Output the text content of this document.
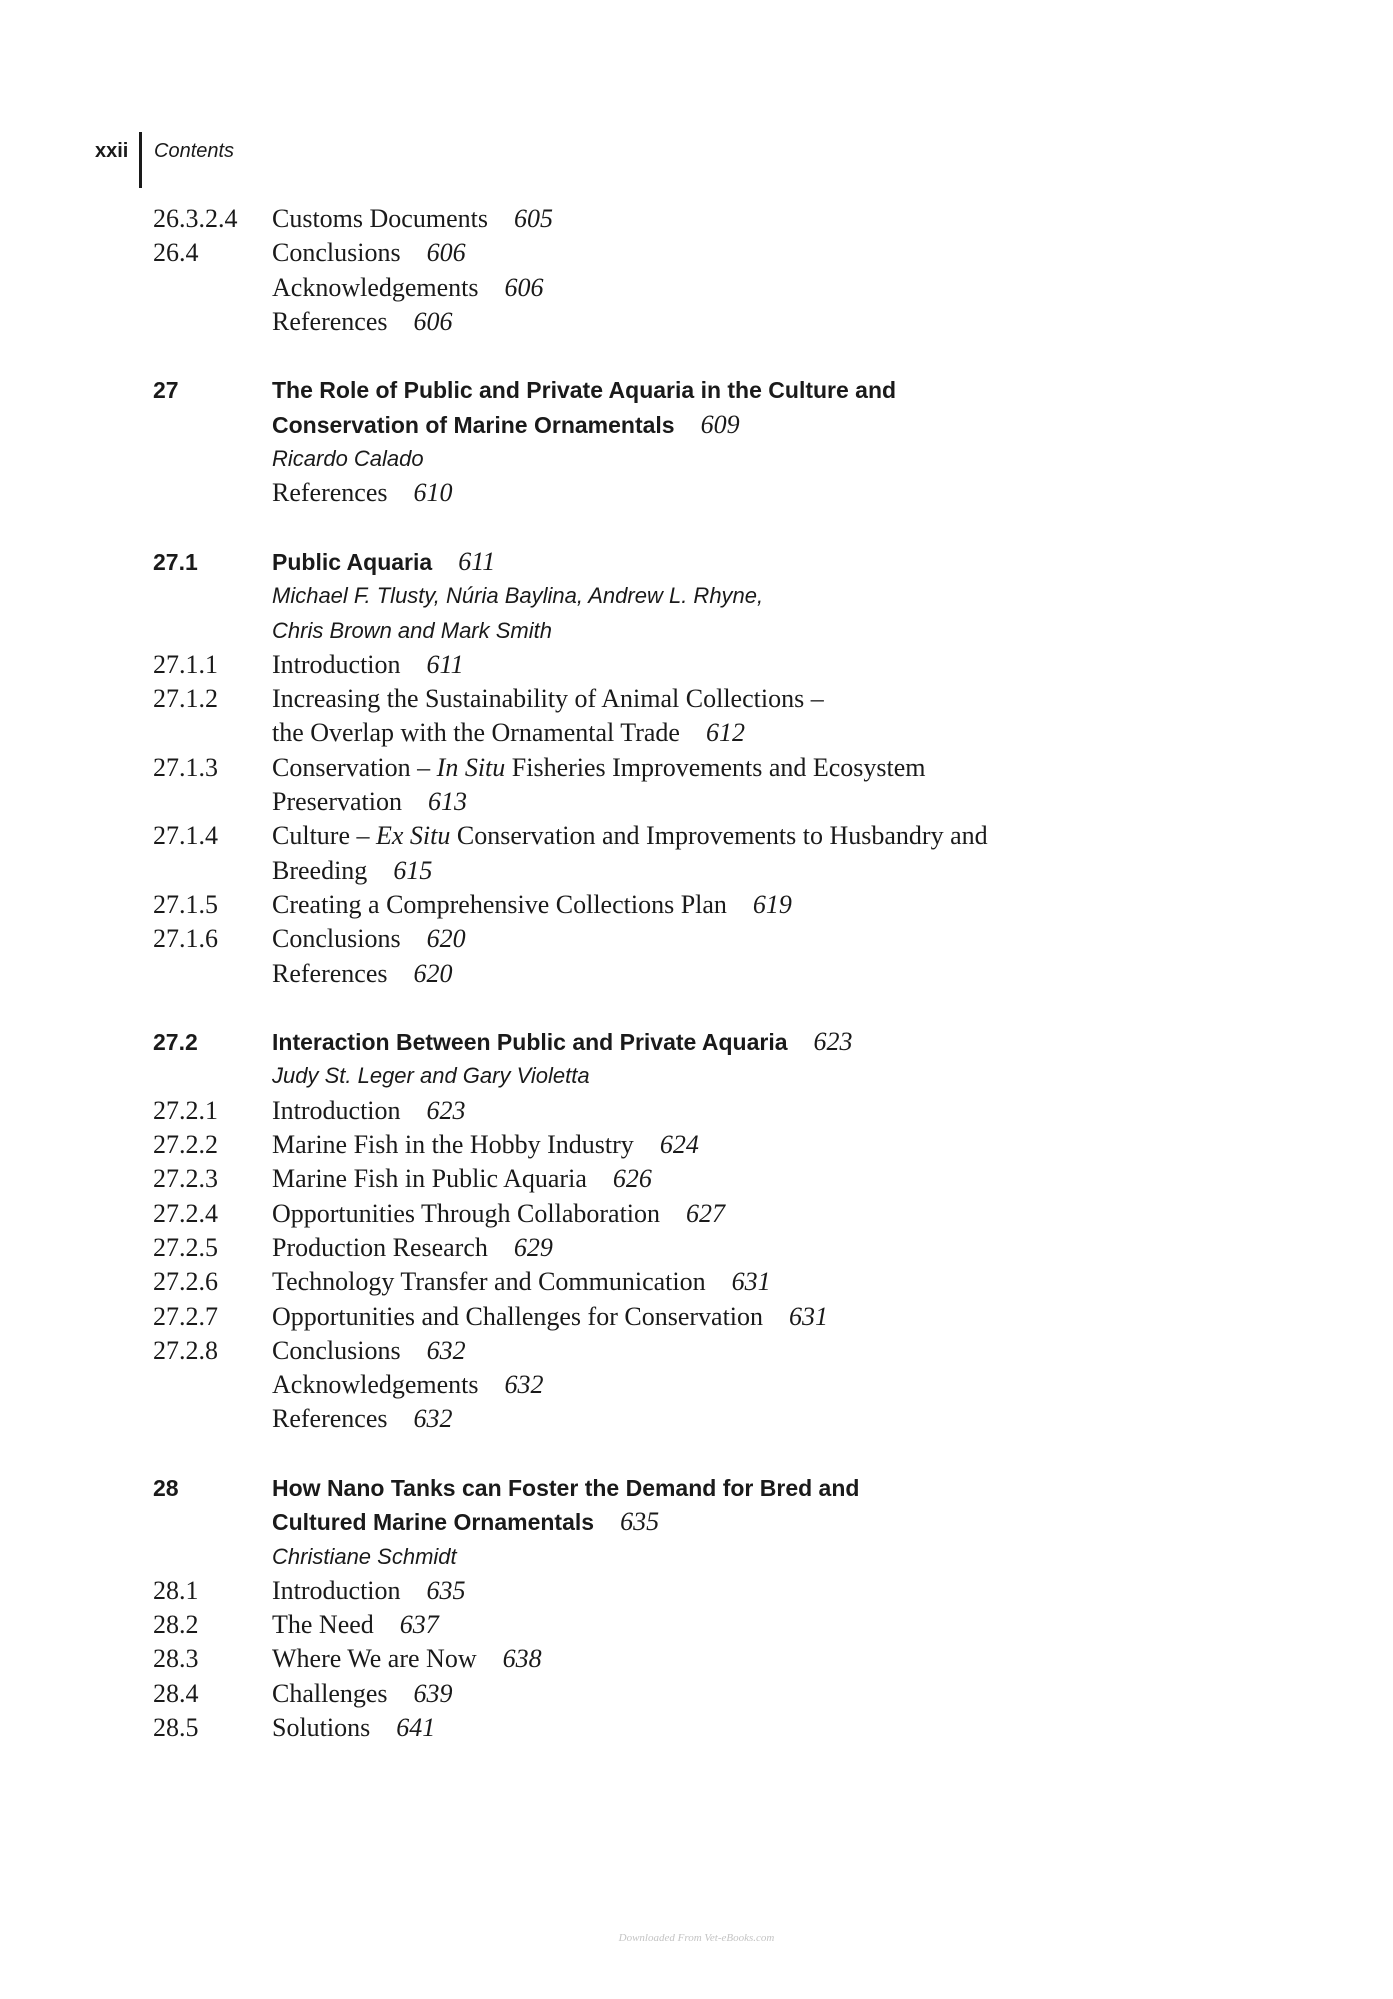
xxii Contents
26.3.2.4	Customs Documents 605
26.4	Conclusions 606
Acknowledgements 606
References 606
27	The Role of Public and Private Aquaria in the Culture and
Conservation of Marine Ornamentals 609
Ricardo Calado
References 610
27.1	Public Aquaria 611
Michael F. Tlusty, Núria Baylina, Andrew L. Rhyne,
Chris Brown and Mark Smith
27.1.1	Introduction 611
27.1.2	Increasing the Sustainability of Animal Collections –
the Overlap with the Ornamental Trade 612
27.1.3	Conservation – In Situ Fisheries Improvements and Ecosystem
Preservation 613
27.1.4	Culture – Ex Situ Conservation and Improvements to Husbandry and
Breeding 615
27.1.5	Creating a Comprehensive Collections Plan 619
27.1.6	Conclusions 620
References 620
27.2	Interaction Between Public and Private Aquaria 623
Judy St. Leger and Gary Violetta
27.2.1	Introduction 623
27.2.2	Marine Fish in the Hobby Industry 624
27.2.3	Marine Fish in Public Aquaria 626
27.2.4	Opportunities Through Collaboration 627
27.2.5	Production Research 629
27.2.6	Technology Transfer and Communication 631
27.2.7	Opportunities and Challenges for Conservation 631
27.2.8	Conclusions 632
Acknowledgements 632
References 632
28	How Nano Tanks can Foster the Demand for Bred and
Cultured Marine Ornamentals 635
Christiane Schmidt
28.1	Introduction 635
28.2	The Need 637
28.3	Where We are Now 638
28.4	Challenges 639
28.5	Solutions 641
Downloaded From Vet-eBooks.com
